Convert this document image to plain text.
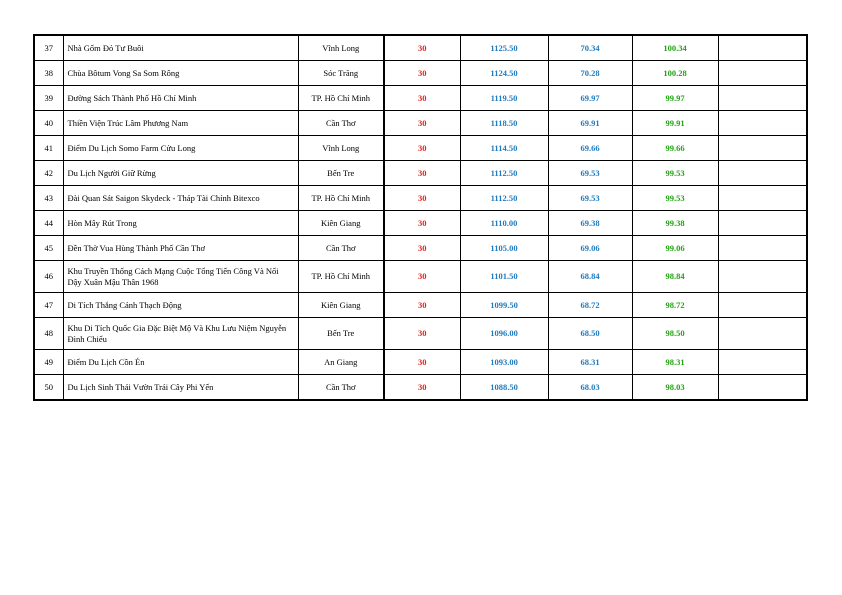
37	Nhà Gốm Đỏ Tư Buôi	Vĩnh Long	30	1125.50	70.34	100.34	
38	Chùa Bôtum Vong Sa Som Rông	Sóc Trăng	30	1124.50	70.28	100.28	
39	Đường Sách Thành Phố Hồ Chí Minh	TP. Hồ Chí Minh	30	1119.50	69.97	99.97	
40	Thiền Viện Trúc Lâm Phương Nam	Cần Thơ	30	1118.50	69.91	99.91	
41	Điểm Du Lịch Somo Farm Cửu Long	Vĩnh Long	30	1114.50	69.66	99.66	
42	Du Lịch Người Giữ Rừng	Bến Tre	30	1112.50	69.53	99.53	
43	Đài Quan Sát Saigon Skydeck - Tháp Tài Chính Bitexco	TP. Hồ Chí Minh	30	1112.50	69.53	99.53	
44	Hòn Mây Rút Trong	Kiên Giang	30	1110.00	69.38	99.38	
45	Đền Thờ Vua Hùng Thành Phố Cần Thơ	Cần Thơ	30	1105.00	69.06	99.06	
46	Khu Truyền Thống Cách Mạng Cuộc Tổng Tiến Công Và Nổi Dậy Xuân Mậu Thân 1968	TP. Hồ Chí Minh	30	1101.50	68.84	98.84	
47	Di Tích Thắng Cảnh Thạch Động	Kiên Giang	30	1099.50	68.72	98.72	
48	Khu Di Tích Quốc Gia Đặc Biệt Mộ Và Khu Lưu Niệm Nguyễn Đình Chiểu	Bến Tre	30	1096.00	68.50	98.50	
49	Điểm Du Lịch Cồn Én	An Giang	30	1093.00	68.31	98.31	
50	Du Lịch Sinh Thái Vườn Trái Cây Phi Yến	Cần Thơ	30	1088.50	68.03	98.03	
